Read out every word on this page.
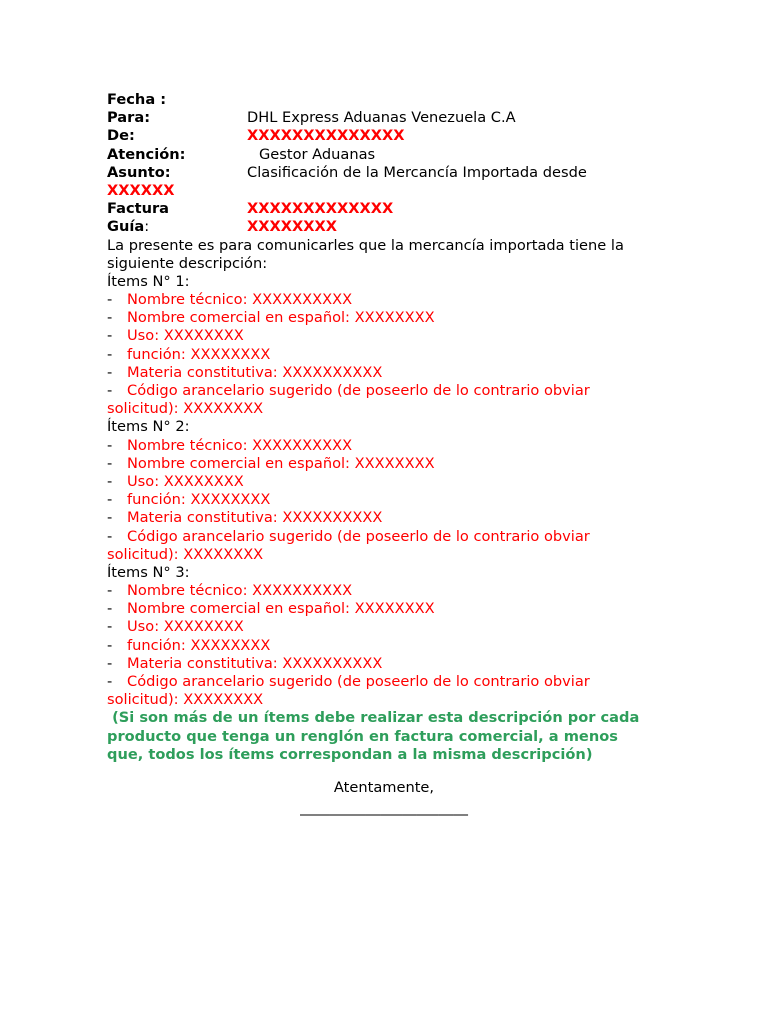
Fecha :
Para:	DHL Express Aduanas Venezuela C.A
De:	XXXXXXXXXXXXXX
Atención:	Gestor Aduanas
Asunto:	Clasificación de la Mercancía Importada desde
XXXXXX
Factura	XXXXXXXXXXXXX
Guía:	XXXXXXXX
La presente es para comunicarles que la mercancía importada tiene la
siguiente descripción:
Ítems N° 1:
- Nombre técnico: XXXXXXXXXX
- Nombre comercial en español: XXXXXXXX
- Uso: XXXXXXXX
- función: XXXXXXXX
- Materia constitutiva: XXXXXXXXXX
- Código arancelario sugerido (de poseerlo de lo contrario obviar
solicitud): XXXXXXXX
Ítems N° 2:
- Nombre técnico: XXXXXXXXXX
- Nombre comercial en español: XXXXXXXX
- Uso: XXXXXXXX
- función: XXXXXXXX
- Materia constitutiva: XXXXXXXXXX
- Código arancelario sugerido (de poseerlo de lo contrario obviar
solicitud): XXXXXXXX
Ítems N° 3:
- Nombre técnico: XXXXXXXXXX
- Nombre comercial en español: XXXXXXXX
- Uso: XXXXXXXX
- función: XXXXXXXX
- Materia constitutiva: XXXXXXXXXX
- Código arancelario sugerido (de poseerlo de lo contrario obviar
solicitud): XXXXXXXX
(Si son más de un ítems debe realizar esta descripción por cada
producto que tenga un renglón en factura comercial, a menos
que, todos los ítems correspondan a la misma descripción)
Atentamente,
_______________________
